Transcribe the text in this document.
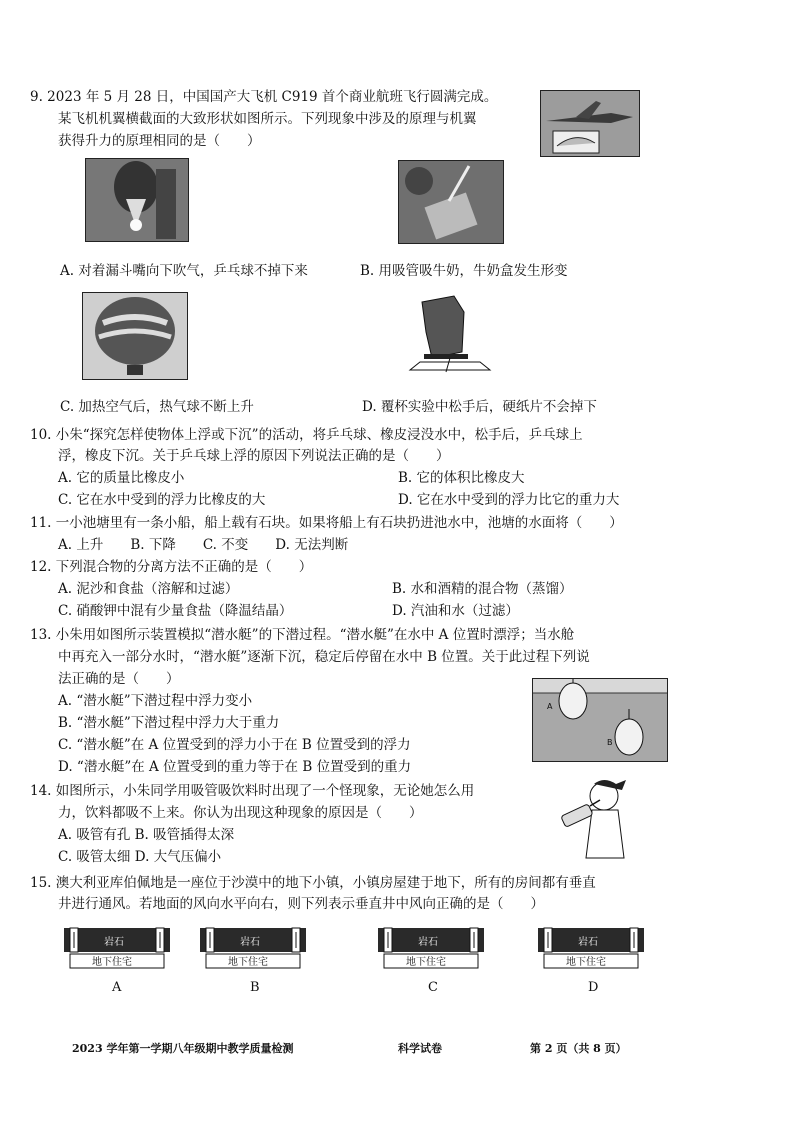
9. 2023 年 5 月 28 日，中国国产大飞机 C919 首个商业航班飞行圆满完成。
某飞机机翼横截面的大致形状如图所示。下列现象中涉及的原理与机翼
获得升力的原理相同的是（　　）
A. 对着漏斗嘴向下吹气，乒乓球不掉下来	B. 用吸管吸牛奶，牛奶盒发生形变
C. 加热空气后，热气球不断上升	D. 覆杯实验中松手后，硬纸片不会掉下
10. 小朱“探究怎样使物体上浮或下沉”的活动，将乒乓球、橡皮浸没水中，松手后，乒乓球上
浮，橡皮下沉。关于乒乓球上浮的原因下列说法正确的是（　　）
A. 它的质量比橡皮小	B. 它的体积比橡皮大
C. 它在水中受到的浮力比橡皮的大	D. 它在水中受到的浮力比它的重力大
11. 一小池塘里有一条小船，船上载有石块。如果将船上有石块扔进池水中，池塘的水面将（　　）
A. 上升　　B. 下降　　C. 不变　　D. 无法判断
12. 下列混合物的分离方法不正确的是（　　）
A. 泥沙和食盐（溶解和过滤）	B. 水和酒精的混合物（蒸馏）
C. 硝酸钾中混有少量食盐（降温结晶）	D. 汽油和水（过滤）
13. 小朱用如图所示装置模拟“潜水艇”的下潜过程。“潜水艇”在水中 A 位置时漂浮；当水舱
中再充入一部分水时，“潜水艇”逐渐下沉，稳定后停留在水中 B 位置。关于此过程下列说
法正确的是（　　）
A. “潜水艇”下潜过程中浮力变小
B. “潜水艇”下潜过程中浮力大于重力
C. “潜水艇”在 A 位置受到的浮力小于在 B 位置受到的浮力
D. “潜水艇”在 A 位置受到的重力等于在 B 位置受到的重力
A
B
14. 如图所示，小朱同学用吸管吸饮料时出现了一个怪现象，无论她怎么用
力，饮料都吸不上来。你认为出现这种现象的原因是（　　）
A. 吸管有孔 B. 吸管插得太深
C. 吸管太细 D. 大气压偏小
15. 澳大利亚库伯佩地是一座位于沙漠中的地下小镇，小镇房屋建于地下，所有的房间都有垂直
井进行通风。若地面的风向水平向右，则下列表示垂直井中风向正确的是（　　）
岩石
地下住宅
A
岩石
地下住宅
B
岩石
地下住宅
C
岩石
地下住宅
D
2023 学年第一学期八年级期中教学质量检测	科学试卷	第 2 页（共 8 页）
